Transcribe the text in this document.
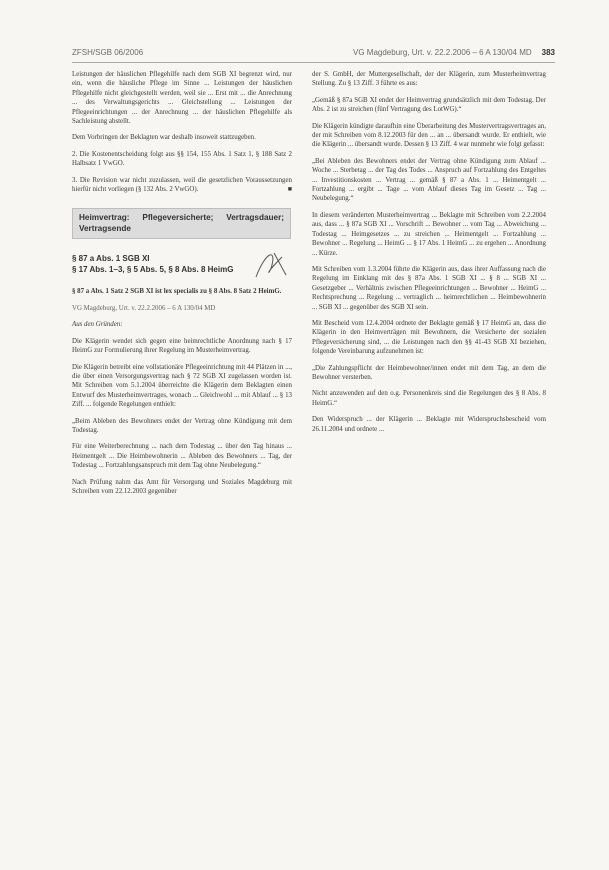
ZFSH/SGB 06/2006	VG Magdeburg, Urt. v. 22.2.2006 – 6 A 130/04 MD 383

Leistungen der häuslichen Pflegehilfe nach dem SGB XI begrenzt wird, nur ein, wenn die häusliche Pflege im Sinne ... Leistungen der häuslichen Pflegehilfe nicht gleichgestellt werden, weil sie ... Erst mit ... die Anrechnung ... des Verwaltungsgerichts ... Gleichstellung ... Leistungen der Pflegeeinrichtungen ... der Anrechnung ... der häuslichen Pflegehilfe als Sachleistung abstellt.

Dem Vorbringen der Beklagten war deshalb insoweit stattzugeben.

2. Die Kostenentscheidung folgt aus §§ 154, 155 Abs. 1 Satz 1, § 188 Satz 2 Halbsatz 1 VwGO.

3. Die Revision war nicht zuzulassen, weil die gesetzlichen Voraussetzungen hierfür nicht vorliegen (§ 132 Abs. 2 VwGO).	■

Heimvertrag: Pflegeversicherte; Vertragsdauer; Vertragsende
§ 87 a Abs. 1 SGB XI
§ 17 Abs. 1–3, § 5 Abs. 5, § 8 Abs. 8 HeimG

§ 87 a Abs. 1 Satz 2 SGB XI ist lex specialis zu § 8 Abs. 8 Satz 2 HeimG.

VG Magdeburg, Urt. v. 22.2.2006 – 6 A 130/04 MD

Aus den Gründen:

Die Klägerin wendet sich gegen eine heimrechtliche Anordnung nach § 17 HeimG zur Formulierung ihrer Regelung im Musterheimvertrag.

Die Klägerin betreibt eine vollstationäre Pflegeeinrichtung mit 44 Plätzen in ..., die über einen Versorgungsvertrag nach § 72 SGB XI zugelassen worden ist. Mit Schreiben vom 5.1.2004 überreichte die Klägerin dem Beklagten einen Entwurf des Musterheimvertrages, wonach ... Gleichwohl ... mit Ablauf ... § 13 Ziff. ... folgende Regelungen enthielt:

„Beim Ableben des Bewohners endet der Vertrag ohne Kündigung mit dem Todestag.

Für eine Weiterberechnung ... nach dem Todestag ... über den Tag hinaus ... Heimentgelt ... Die Heimbewohnerin ... Ableben des Bewohners ... Tag, der Todestag ... Fortzahlungsanspruch mit dem Tag ohne Neubelegung.“

Nach Prüfung nahm das Amt für Versorgung und Soziales Magdeburg mit Schreiben vom 22.12.2003 gegenüber

der S. GmbH, der Muttergesellschaft, der der Klägerin, zum Musterheimvertrag Stellung. Zu § 13 Ziff. 3 führte es aus:

„Gemäß § 87a SGB XI endet der Heimvertrag grundsätzlich mit dem Todestag. Der Abs. 2 ist zu streichen (fünf Vertragung des LotWG).“

Die Klägerin kündigte daraufhin eine Überarbeitung des Mustervertragsvertrages an, der mit Schreiben vom 8.12.2003 für den ... an ... übersandt wurde. Er enthielt, wie die Klägerin ... übersandt wurde. Dessen § 13 Ziff. 4 war nunmehr wie folgt gefasst:

„Bei Ableben des Bewohners endet der Vertrag ohne Kündigung zum Ablauf ... Woche ... Sterbetag ... der Tag des Todes ... Anspruch auf Fortzahlung des Entgeltes ... Investitionskosten ... Vertrag ... gemäß § 87 a Abs. 1 ... Heimentgelt ... Fortzahlung ... ergibt ... Tage ... vom Ablauf dieses Tag im Gesetz ... Tag ... Neubelegung.“

In diesem veränderten Musterheimvertrag ... Beklagte mit Schreiben vom 2.2.2004 aus, dass ... § 87a SGB XI ... Vorschrift ... Bewohner ... vom Tag ... Abweichung ... Todestag ... Heimgesetzes ... zu streichen ... Heimentgelt ... Fortzahlung ... Bewohner ... Regelung ... HeimG ... § 17 Abs. 1 HeimG ... zu ergehen ... Anordnung ... Kürze.

Mit Schreiben vom 1.3.2004 führte die Klägerin aus, dass ihrer Auffassung nach die Regelung im Einklang mit des § 87a Abs. 1 SGB XI ... § 8 ... SGB XI ... Gesetzgeber ... Verhältnis zwischen Pflegeeinrichtungen ... Bewohner ... HeimG ... Rechtsprechung ... Regelung ... vertraglich ... heimrechtlichen ... Heimbewohnerin ... SGB XI ... gegenüber des SGB XI sein.

Mit Bescheid vom 12.4.2004 ordnete der Beklagte gemäß § 17 HeimG an, dass die Klägerin in den Heimverträgen mit Bewohnern, die Versicherte der sozialen Pflegeversicherung sind, ... die Leistungen nach den §§ 41-43 SGB XI beziehen, folgende Vereinbarung aufzunehmen ist:

„Die Zahlungspflicht der Heimbewohner/innen endet mit dem Tag, an dem die Bewohner versterben.

Nicht anzuwenden auf den o.g. Personenkreis sind die Regelungen des § 8 Abs. 8 HeimG.“

Den Widerspruch ... der Klägerin ... Beklagte mit Widerspruchsbescheid vom 26.11.2004 und ordnete ...
